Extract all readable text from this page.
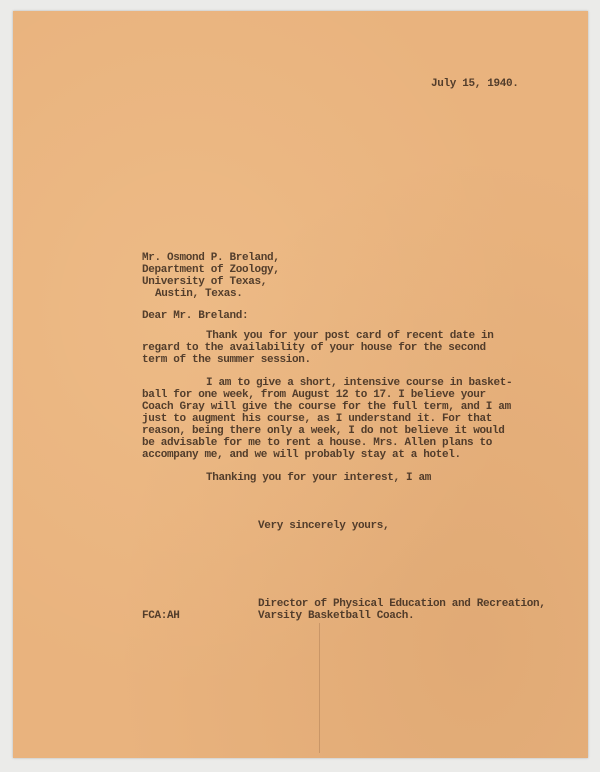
July 15, 1940.
Mr. Osmond P. Breland,
Department of Zoology,
University of Texas,
Austin, Texas.
Dear Mr. Breland:
Thank you for your post card of recent date in
regard to the availability of your house for the second
term of the summer session.
I am to give a short, intensive course in basket-
ball for one week, from August 12 to 17. I believe your
Coach Gray will give the course for the full term, and I am
just to augment his course, as I understand it. For that
reason, being there only a week, I do not believe it would
be advisable for me to rent a house. Mrs. Allen plans to
accompany me, and we will probably stay at a hotel.
Thanking you for your interest, I am
Very sincerely yours,
FCA:AH
Director of Physical Education and Recreation,
Varsity Basketball Coach.
